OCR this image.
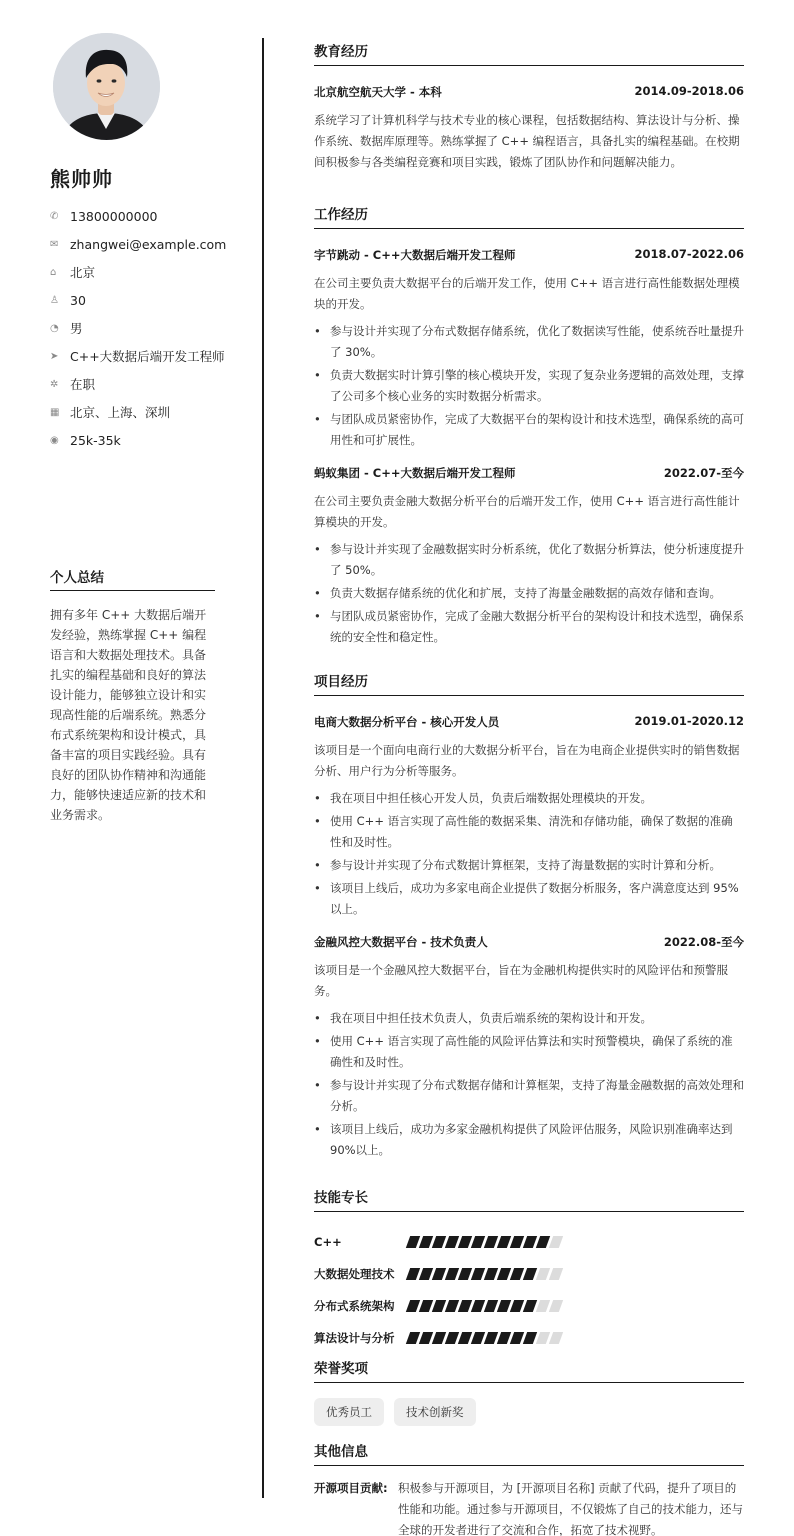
熊帅帅
✆ 13800000000
✉ zhangwei@example.com
⌂	北京
♙ 30
◔ 男
➤ C++大数据后端开发工程师
✲ 在职
▦ 北京、上海、深圳
◉ 25k-35k
个人总结
拥有多年 C++ 大数据后端开发经验，熟练掌握 C++ 编程语言和大数据处理技术。具备扎实的编程基础和良好的算法设计能力，能够独立设计和实现高性能的后端系统。熟悉分布式系统架构和设计模式，具备丰富的项目实践经验。具有良好的团队协作精神和沟通能力，能够快速适应新的技术和业务需求。
教育经历
北京航空航天大学 - 本科	2014.09-2018.06
系统学习了计算机科学与技术专业的核心课程，包括数据结构、算法设计与分析、操作系统、数据库原理等。熟练掌握了 C++ 编程语言，具备扎实的编程基础。在校期间积极参与各类编程竞赛和项目实践，锻炼了团队协作和问题解决能力。
工作经历
字节跳动 - C++大数据后端开发工程师	2018.07-2022.06
在公司主要负责大数据平台的后端开发工作，使用 C++ 语言进行高性能数据处理模块的开发。
• 参与设计并实现了分布式数据存储系统，优化了数据读写性能，使系统吞吐量提升了 30%。
• 负责大数据实时计算引擎的核心模块开发，实现了复杂业务逻辑的高效处理，支撑了公司多个核心业务的实时数据分析需求。
• 与团队成员紧密协作，完成了大数据平台的架构设计和技术选型，确保系统的高可用性和可扩展性。
蚂蚁集团 - C++大数据后端开发工程师	2022.07-至今
在公司主要负责金融大数据分析平台的后端开发工作，使用 C++ 语言进行高性能计算模块的开发。
• 参与设计并实现了金融数据实时分析系统，优化了数据分析算法，使分析速度提升了 50%。
• 负责大数据存储系统的优化和扩展，支持了海量金融数据的高效存储和查询。
• 与团队成员紧密协作，完成了金融大数据分析平台的架构设计和技术选型，确保系统的安全性和稳定性。
项目经历
电商大数据分析平台 - 核心开发人员	2019.01-2020.12
该项目是一个面向电商行业的大数据分析平台，旨在为电商企业提供实时的销售数据分析、用户行为分析等服务。
• 我在项目中担任核心开发人员，负责后端数据处理模块的开发。
• 使用 C++ 语言实现了高性能的数据采集、清洗和存储功能，确保了数据的准确性和及时性。
• 参与设计并实现了分布式数据计算框架，支持了海量数据的实时计算和分析。
• 该项目上线后，成功为多家电商企业提供了数据分析服务，客户满意度达到 95%以上。
金融风控大数据平台 - 技术负责人	2022.08-至今
该项目是一个金融风控大数据平台，旨在为金融机构提供实时的风险评估和预警服务。
• 我在项目中担任技术负责人，负责后端系统的架构设计和开发。
• 使用 C++ 语言实现了高性能的风险评估算法和实时预警模块，确保了系统的准确性和及时性。
• 参与设计并实现了分布式数据存储和计算框架，支持了海量金融数据的高效处理和分析。
• 该项目上线后，成功为多家金融机构提供了风险评估服务，风险识别准确率达到 90%以上。
技能专长
C++
大数据处理技术
分布式系统架构
算法设计与分析
荣誉奖项
优秀员工	技术创新奖
其他信息
开源项目贡献: 积极参与开源项目，为 [开源项目名称] 贡献了代码，提升了项目的性能和功能。通过参与开源项目，不仅锻炼了自己的技术能力，还与全球的开发者进行了交流和合作，拓宽了技术视野。
